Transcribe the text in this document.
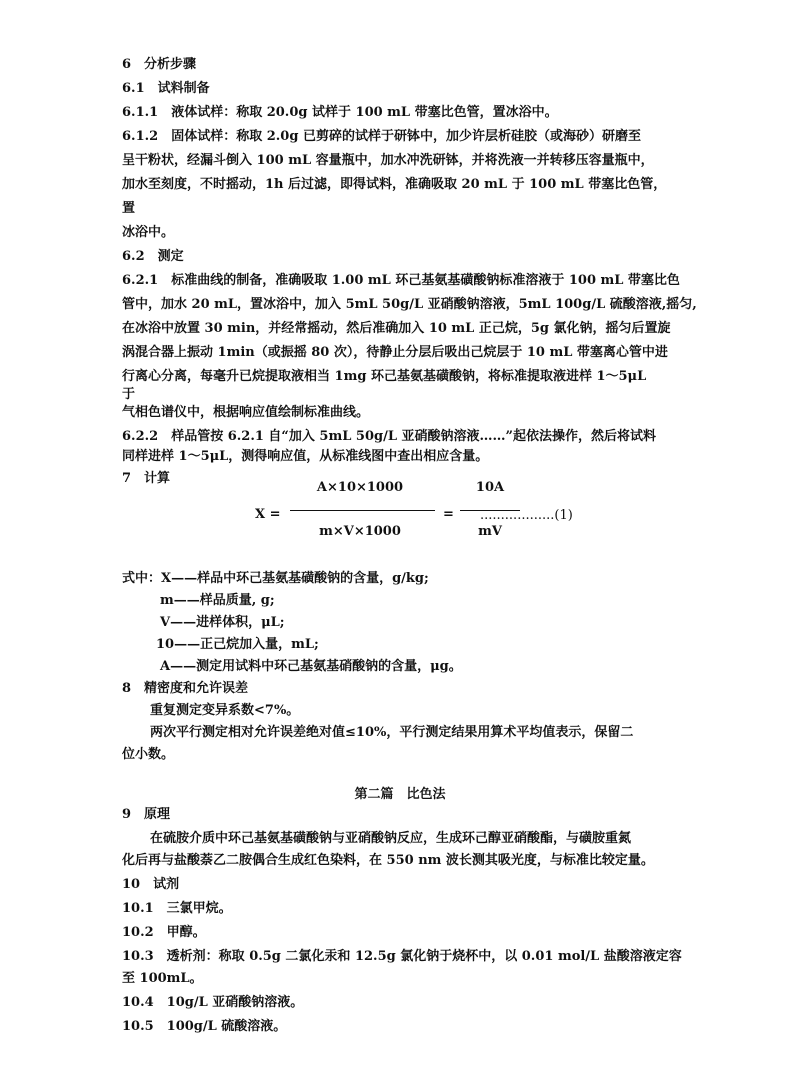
6　分析步骤
6.1　试料制备
6.1.1　液体试样：称取 20.0g 试样于 100 mL 带塞比色管，置冰浴中。
6.1.2　固体试样：称取 2.0g 已剪碎的试样于研钵中，加少许层析硅胶（或海砂）研磨至
呈干粉状，经漏斗倒入 100 mL 容量瓶中，加水冲洗研钵，并将洗液一并转移压容量瓶中，
加水至刻度，不时摇动，1h 后过滤，即得试料，准确吸取 20 mL 于 100 mL 带塞比色管，
置
冰浴中。
6.2　测定
6.2.1　标准曲线的制备，准确吸取 1.00 mL 环己基氨基磺酸钠标准溶液于 100 mL 带塞比色
管中，加水 20 mL，置冰浴中，加入 5mL 50g/L 亚硝酸钠溶液，5mL 100g/L 硫酸溶液,摇匀,
在冰浴中放置 30 min，并经常摇动，然后准确加入 10 mL 正己烷，5g 氯化钠，摇匀后置旋
涡混合器上振动 1min（或振摇 80 次），待静止分层后吸出己烷层于 10 mL 带塞离心管中进
行离心分离，每毫升已烷提取液相当 1mg 环己基氨基磺酸钠，将标准提取液进样 1～5μL
于
气相色谱仪中，根据响应值绘制标准曲线。
6.2.2　样品管按 6.2.1 自“加入 5mL 50g/L 亚硝酸钠溶液……”起依法操作，然后将试料
同样进样 1～5μL，测得响应值，从标准线图中查出相应含量。
7　计算
X =
A×10×1000
m×V×1000
=
10A
mV
..................(1)
式中：X——样品中环己基氨基磺酸钠的含量，g/kg;
m——样品质量, g;
V——进样体积，μL;
10——正己烷加入量，mL;
A——测定用试料中环己基氨基硝酸钠的含量，μg。
8　精密度和允许误差
重复测定变异系数<7%。
两次平行测定相对允许误差绝对值≤10%，平行测定结果用算术平均值表示，保留二
位小数。
第二篇　比色法
9　原理
在硫胺介质中环己基氨基磺酸钠与亚硝酸钠反应，生成环己醇亚硝酸酯，与磺胺重氮
化后再与盐酸萘乙二胺偶合生成红色染料，在 550 nm 波长测其吸光度，与标准比较定量。
10　试剂
10.1　三氯甲烷。
10.2　甲醇。
10.3　透析剂：称取 0.5g 二氯化汞和 12.5g 氯化钠于烧杯中，以 0.01 mol/L 盐酸溶液定容
至 100mL。
10.4　10g/L 亚硝酸钠溶液。
10.5　100g/L 硫酸溶液。
